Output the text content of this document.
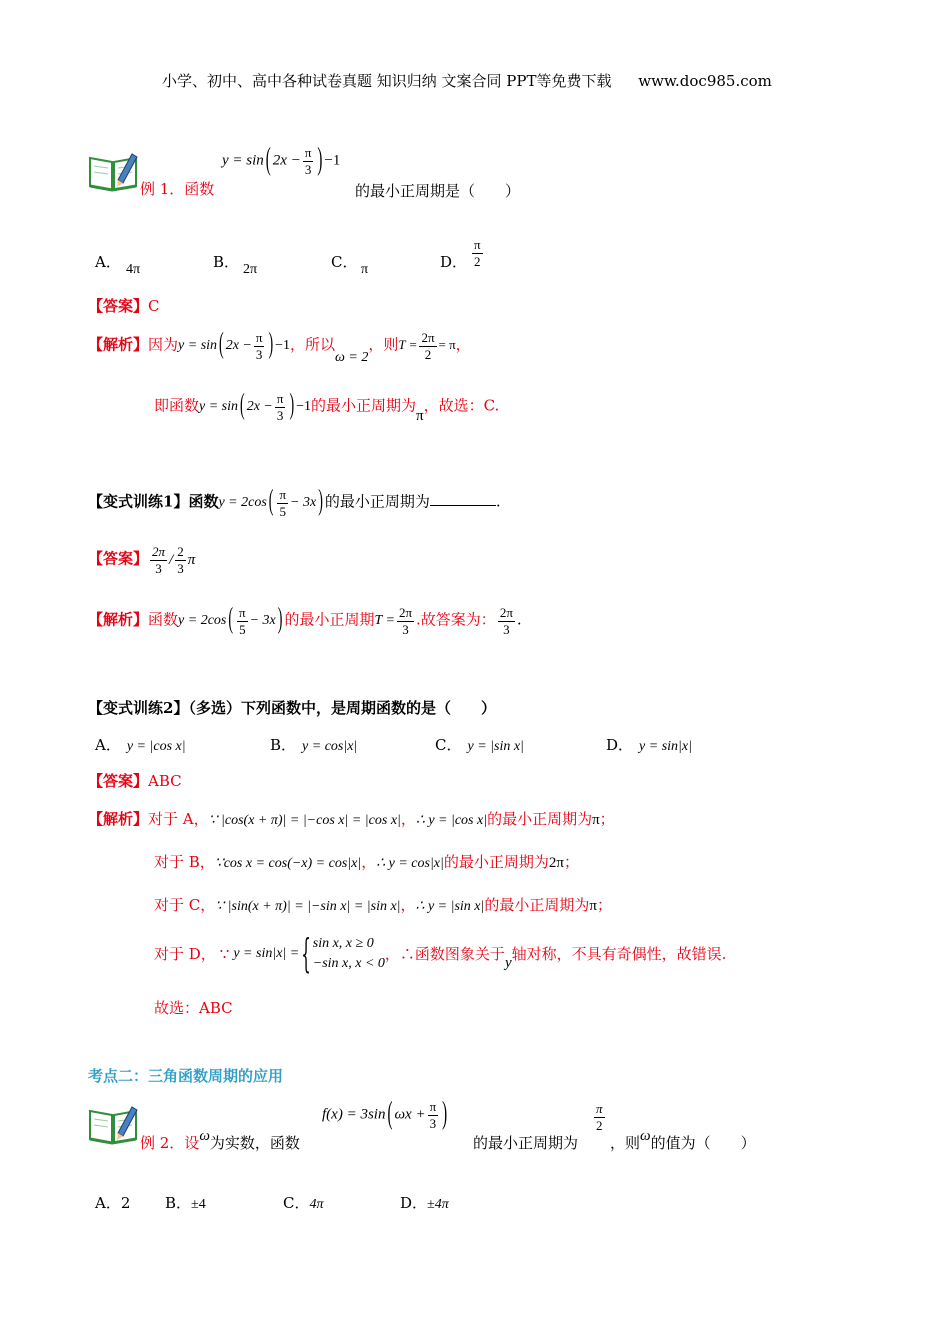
小学、初中、高中各种试卷真题 知识归纳 文案合同 PPT等免费下载 www.doc985.com
例 1．函数
y = sin ( $2x - \frac{\pi}{3}$ ) −1
的最小正周期是（　　）
A． 4π	B． 2π	C． π	D． $\frac{\pi}{2}$
【答案】C
【解析】因为y = sin ( $2x - \frac{\pi}{3}$ ) −1，所以ω = 2，则$T = \frac{2\pi}{2} = \pi$，
即函数y = sin ( $2x - \frac{\pi}{3}$ ) −1的最小正周期为π，故选：C.
【变式训练1】函数y = 2cos ( $\frac{\pi}{5} - 3x$ ) 的最小正周期为	.
【答案】 $\frac{2\pi}{3} / \frac{2}{3}$ π
【解析】函数y = 2cos ( $\frac{\pi}{5} - 3x$ ) 的最小正周期$T = \frac{2\pi}{3}$ .故答案为： $\frac{2\pi}{3}$ .
【变式训练2】（多选）下列函数中，是周期函数的是（　　）
A． y = |cos x|	B． y = cos|x|	C． y = |sin x|	D． y = sin|x|
【答案】ABC
【解析】对于 A，∵ |cos(x + π)| = |−cos x| = |cos x|，∴ y = |cos x|的最小正周期为π；
对于 B，∵cos x = cos(−x) = cos|x|，∴ y = cos|x|的最小正周期为2π；
对于 C，∵ |sin(x + π)| = |−sin x| = |sin x|，∴ y = |sin x|的最小正周期为π；
对于 D， ∵ y = sin|x| = { sin x, x ≥ 0
−sin x, x < 0 ，∴函数图象关于 y 轴对称，不具有奇偶性，故错误.
故选：ABC
考点二：三角函数周期的应用
例 2．设ω为实数，函数
f(x) = 3sin ( $\omega x + \frac{\pi}{3}$ )
的最小正周期为
$\frac{\pi}{2}$
，则ω的值为（　　）
A．2 B．±4	C．4π	D．±4π
